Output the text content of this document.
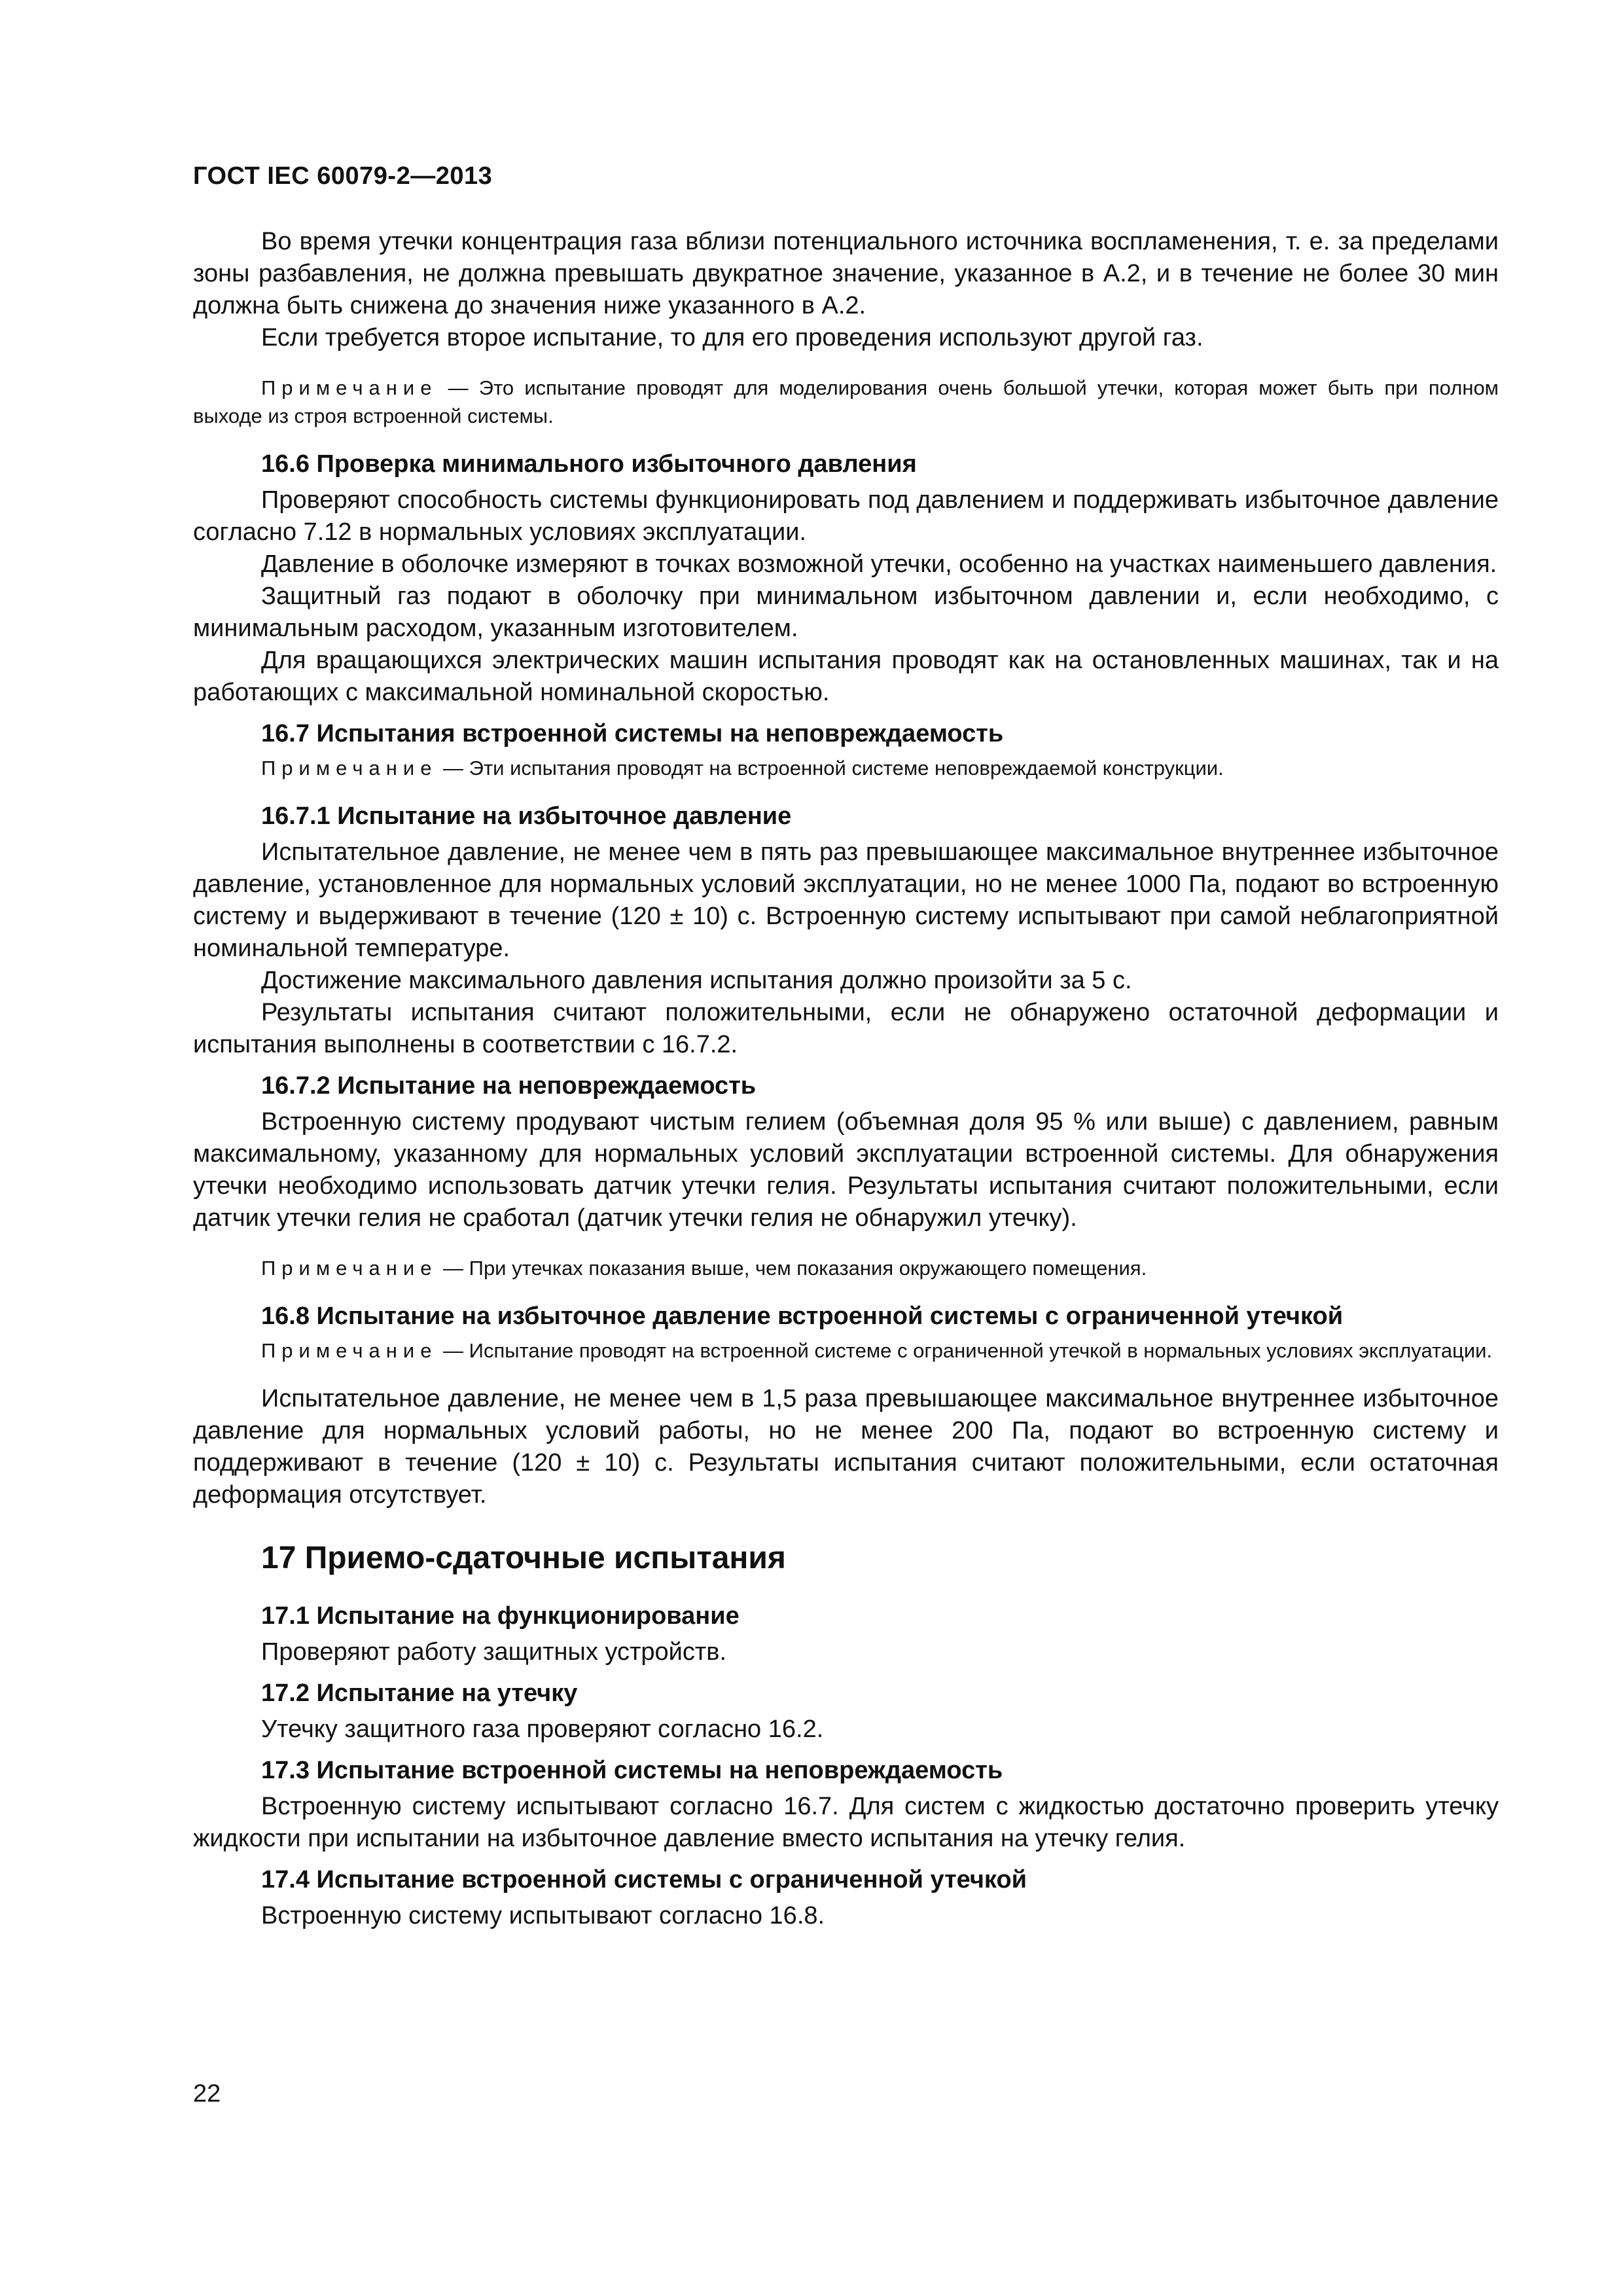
ГОСТ IEC 60079-2—2013
Во время утечки концентрация газа вблизи потенциального источника воспламенения, т. е. за пределами зоны разбавления, не должна превышать двукратное значение, указанное в А.2, и в течение не более 30 мин должна быть снижена до значения ниже указанного в А.2.
Если требуется второе испытание, то для его проведения используют другой газ.
Примечание — Это испытание проводят для моделирования очень большой утечки, которая может быть при полном выходе из строя встроенной системы.
16.6 Проверка минимального избыточного давления
Проверяют способность системы функционировать под давлением и поддерживать избыточное давление согласно 7.12 в нормальных условиях эксплуатации.
Давление в оболочке измеряют в точках возможной утечки, особенно на участках наименьшего давления.
Защитный газ подают в оболочку при минимальном избыточном давлении и, если необходимо, с минимальным расходом, указанным изготовителем.
Для вращающихся электрических машин испытания проводят как на остановленных машинах, так и на работающих с максимальной номинальной скоростью.
16.7 Испытания встроенной системы на неповреждаемость
Примечание — Эти испытания проводят на встроенной системе неповреждаемой конструкции.
16.7.1 Испытание на избыточное давление
Испытательное давление, не менее чем в пять раз превышающее максимальное внутреннее избыточное давление, установленное для нормальных условий эксплуатации, но не менее 1000 Па, подают во встроенную систему и выдерживают в течение (120 ± 10) с. Встроенную систему испытывают при самой неблагоприятной номинальной температуре.
Достижение максимального давления испытания должно произойти за 5 с.
Результаты испытания считают положительными, если не обнаружено остаточной деформации и испытания выполнены в соответствии с 16.7.2.
16.7.2 Испытание на неповреждаемость
Встроенную систему продувают чистым гелием (объемная доля 95 % или выше) с давлением, равным максимальному, указанному для нормальных условий эксплуатации встроенной системы. Для обнаружения утечки необходимо использовать датчик утечки гелия. Результаты испытания считают положительными, если датчик утечки гелия не сработал (датчик утечки гелия не обнаружил утечку).
Примечание — При утечках показания выше, чем показания окружающего помещения.
16.8 Испытание на избыточное давление встроенной системы с ограниченной утечкой
Примечание — Испытание проводят на встроенной системе с ограниченной утечкой в нормальных условиях эксплуатации.
Испытательное давление, не менее чем в 1,5 раза превышающее максимальное внутреннее избыточное давление для нормальных условий работы, но не менее 200 Па, подают во встроенную систему и поддерживают в течение (120 ± 10) с. Результаты испытания считают положительными, если остаточная деформация отсутствует.
17 Приемо-сдаточные испытания
17.1 Испытание на функционирование
Проверяют работу защитных устройств.
17.2 Испытание на утечку
Утечку защитного газа проверяют согласно 16.2.
17.3 Испытание встроенной системы на неповреждаемость
Встроенную систему испытывают согласно 16.7. Для систем с жидкостью достаточно проверить утечку жидкости при испытании на избыточное давление вместо испытания на утечку гелия.
17.4 Испытание встроенной системы с ограниченной утечкой
Встроенную систему испытывают согласно 16.8.
22
